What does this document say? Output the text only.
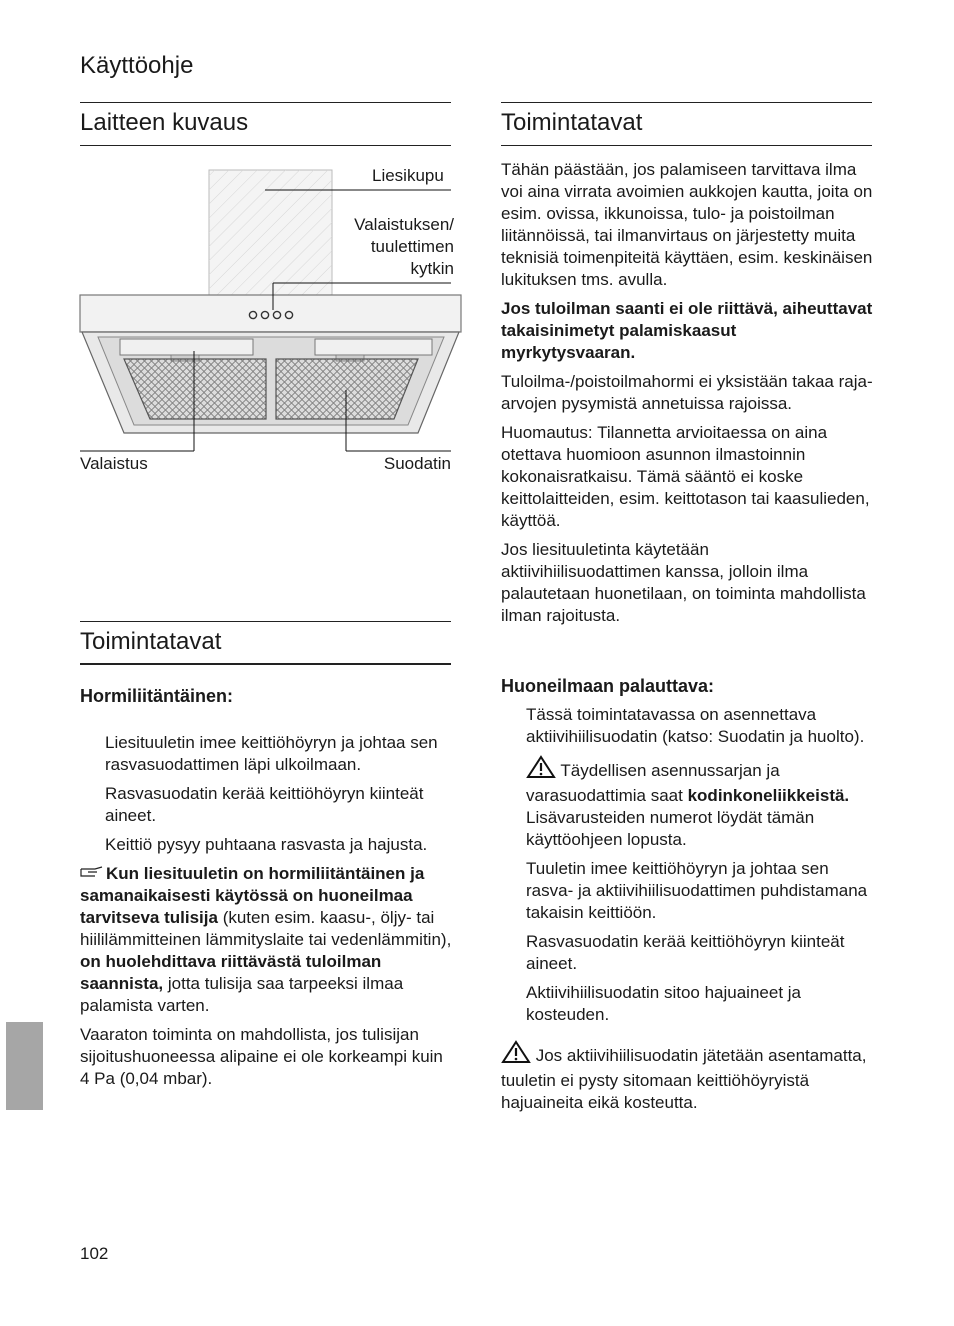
Käyttöohje
Laitteen kuvaus
Liesikupu
Valaistuksen/
tuulettimen
kytkin
Valaistus	Suodatin
Toimintatavat
Hormiliitäntäinen:

Liesituuletin imee keittiöhöyryn ja johtaa sen rasvasuodattimen läpi ulkoilmaan.

Rasvasuodatin kerää keittiöhöyryn kiinteät aineet.

Keittiö pysyy puhtaana rasvasta ja hajusta.

Kun liesituuletin on hormiliitäntäinen ja samanaikaisesti käytössä on huoneilmaa tarvitseva tulisija (kuten esim. kaasu-, öljy- tai hiililämmitteinen lämmityslaite tai vedenlämmitin), on huolehdittava riittävästä tuloilman saannista, jotta tulisija saa tarpeeksi ilmaa palamista varten.

Vaaraton toiminta on mahdollista, jos tulisijan sijoitushuoneessa alipaine ei ole korkeampi kuin 4 Pa (0,04 mbar).

Toimintatavat

Tähän päästään, jos palamiseen tarvittava ilma voi aina virrata avoimien aukkojen kautta, joita on esim. ovissa, ikkunoissa, tulo- ja poistoilman liitännöissä, tai ilmanvirtaus on järjestetty muita teknisiä toimenpiteitä käyttäen, esim. keskinäisen lukituksen tms. avulla.

Jos tuloilman saanti ei ole riittävä, aiheuttavat takaisinimetyt palamiskaasut myrkytysvaaran.

Tuloilma-/poistoilmahormi ei yksistään takaa raja-arvojen pysymistä annetuissa rajoissa.

Huomautus: Tilannetta arvioitaessa on aina otettava huomioon asunnon ilmastoinnin kokonaisratkaisu. Tämä sääntö ei koske keittolaitteiden, esim. keittotason tai kaasulieden, käyttöä.

Jos liesituuletinta käytetään aktiivihiilisuodattimen kanssa, jolloin ilma palautetaan huonetilaan, on toiminta mahdollista ilman rajoitusta.

Huoneilmaan palauttava:

Tässä toimintatavassa on asennettava aktiivihiilisuodatin (katso: Suodatin ja huolto).

Täydellisen asennussarjan ja varasuodattimia saat kodinkoneliikkeistä. Lisävarusteiden numerot löydät tämän käyttöohjeen lopusta.

Tuuletin imee keittiöhöyryn ja johtaa sen rasva- ja aktiivihiilisuodattimen puhdistamana takaisin keittiöön.

Rasvasuodatin kerää keittiöhöyryn kiinteät aineet.

Aktiivihiilisuodatin sitoo hajuaineet ja kosteuden.

Jos aktiivihiilisuodatin jätetään asentamatta, tuuletin ei pysty sitomaan keittiöhöyryistä hajuaineita eikä kosteutta.

102
